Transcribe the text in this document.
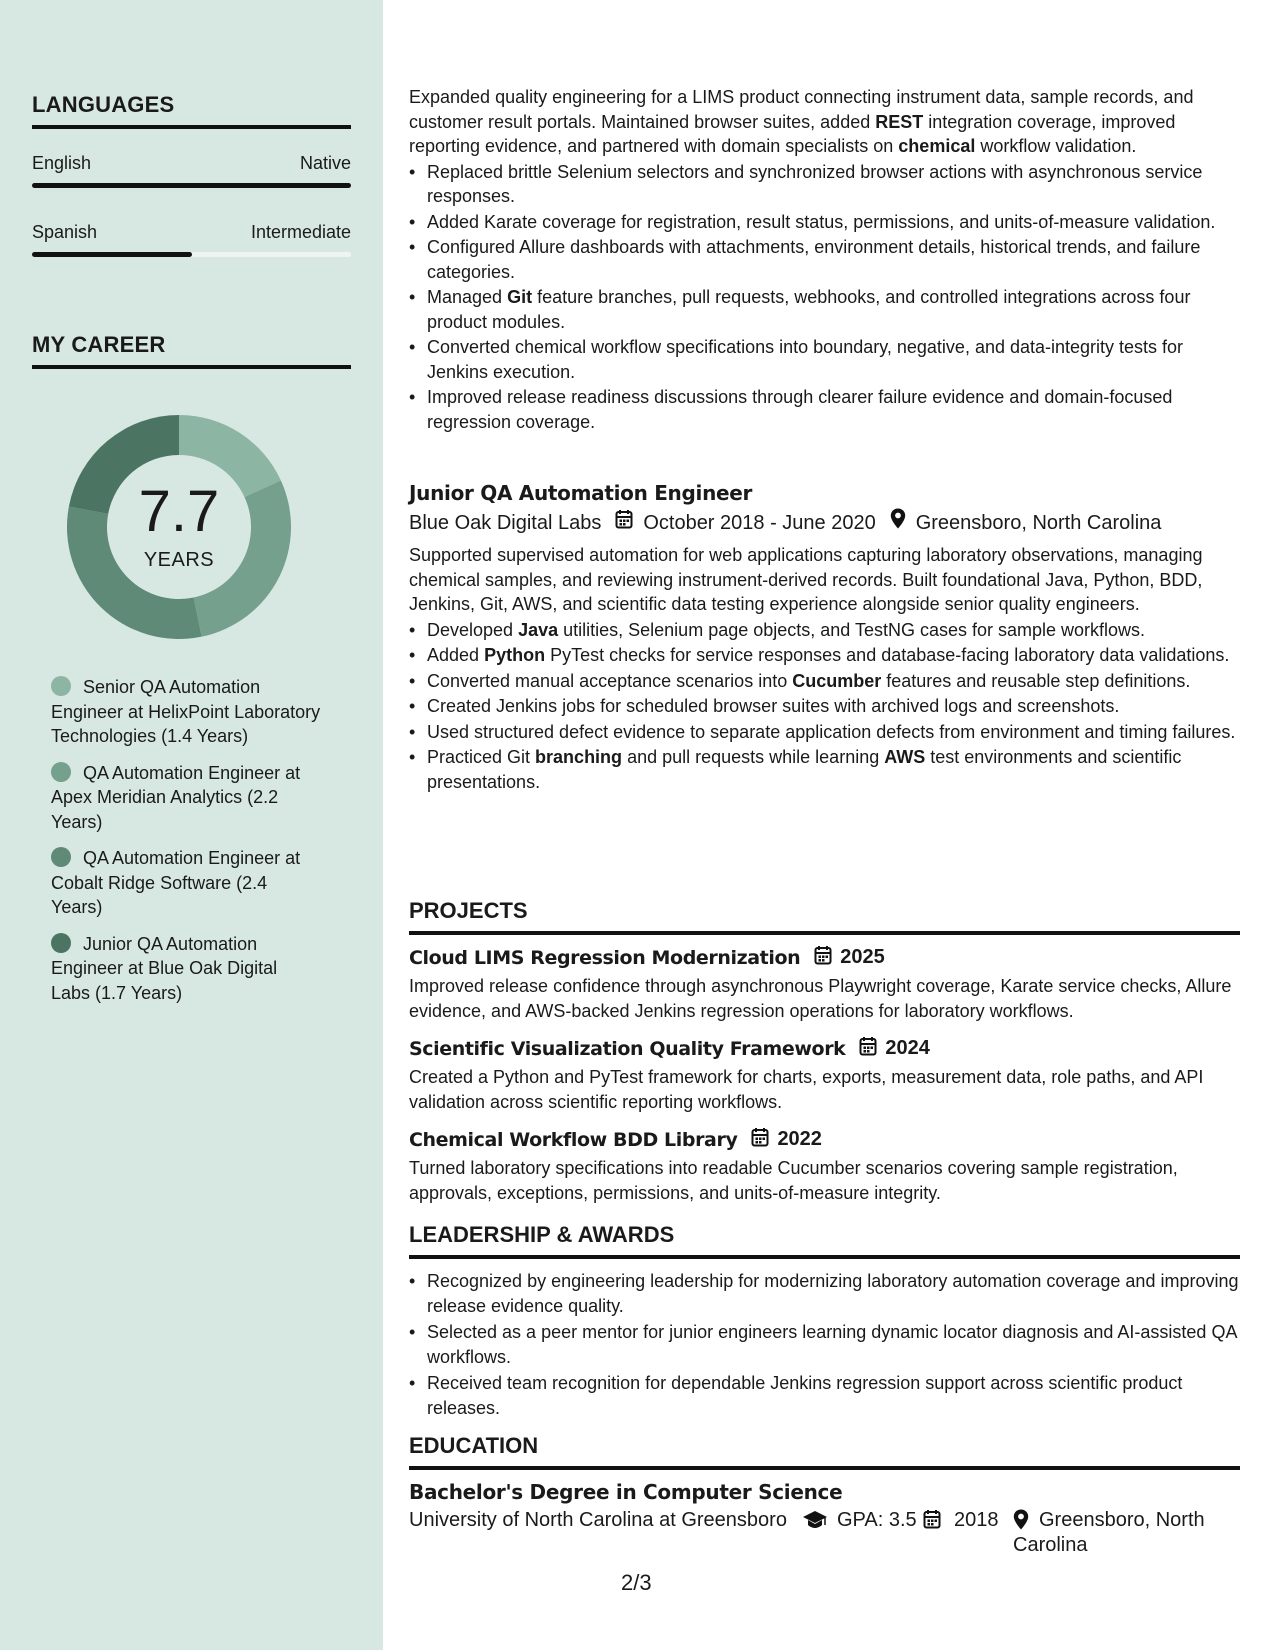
LANGUAGES
English	Native
Spanish	Intermediate
MY CAREER
7.7
YEARS
Senior QA Automation Engineer at HelixPoint Laboratory Technologies (1.4 Years)
QA Automation Engineer at Apex Meridian Analytics (2.2 Years)
QA Automation Engineer at Cobalt Ridge Software (2.4 Years)
Junior QA Automation Engineer at Blue Oak Digital Labs (1.7 Years)

Expanded quality engineering for a LIMS product connecting instrument data, sample records, and customer result portals. Maintained browser suites, added REST integration coverage, improved reporting evidence, and partnered with domain specialists on chemical workflow validation.

• Replaced brittle Selenium selectors and synchronized browser actions with asynchronous service responses.
• Added Karate coverage for registration, result status, permissions, and units-of-measure validation.
• Configured Allure dashboards with attachments, environment details, historical trends, and failure categories.
• Managed Git feature branches, pull requests, webhooks, and controlled integrations across four product modules.
• Converted chemical workflow specifications into boundary, negative, and data-integrity tests for Jenkins execution.
• Improved release readiness discussions through clearer failure evidence and domain-focused regression coverage.
Junior QA Automation Engineer
Blue Oak Digital Labs October 2018 - June 2020 Greensboro, North Carolina

Supported supervised automation for web applications capturing laboratory observations, managing chemical samples, and reviewing instrument-derived records. Built foundational Java, Python, BDD, Jenkins, Git, AWS, and scientific data testing experience alongside senior quality engineers.

• Developed Java utilities, Selenium page objects, and TestNG cases for sample workflows.
• Added Python PyTest checks for service responses and database-facing laboratory data validations.
• Converted manual acceptance scenarios into Cucumber features and reusable step definitions.
• Created Jenkins jobs for scheduled browser suites with archived logs and screenshots.
• Used structured defect evidence to separate application defects from environment and timing failures.
• Practiced Git branching and pull requests while learning AWS test environments and scientific presentations.
PROJECTS
Cloud LIMS Regression Modernization 2025

Improved release confidence through asynchronous Playwright coverage, Karate service checks, Allure evidence, and AWS-backed Jenkins regression operations for laboratory workflows.

Scientific Visualization Quality Framework 2024

Created a Python and PyTest framework for charts, exports, measurement data, role paths, and API validation across scientific reporting workflows.

Chemical Workflow BDD Library 2022

Turned laboratory specifications into readable Cucumber scenarios covering sample registration, approvals, exceptions, permissions, and units-of-measure integrity.

LEADERSHIP & AWARDS
• Recognized by engineering leadership for modernizing laboratory automation coverage and improving release evidence quality.
• Selected as a peer mentor for junior engineers learning dynamic locator diagnosis and AI-assisted QA workflows.
• Received team recognition for dependable Jenkins regression support across scientific product releases.
EDUCATION
Bachelor's Degree in Computer Science
University of North Carolina at Greensboro	GPA: 3.5 2018	Greensboro, North Carolina
2/3
